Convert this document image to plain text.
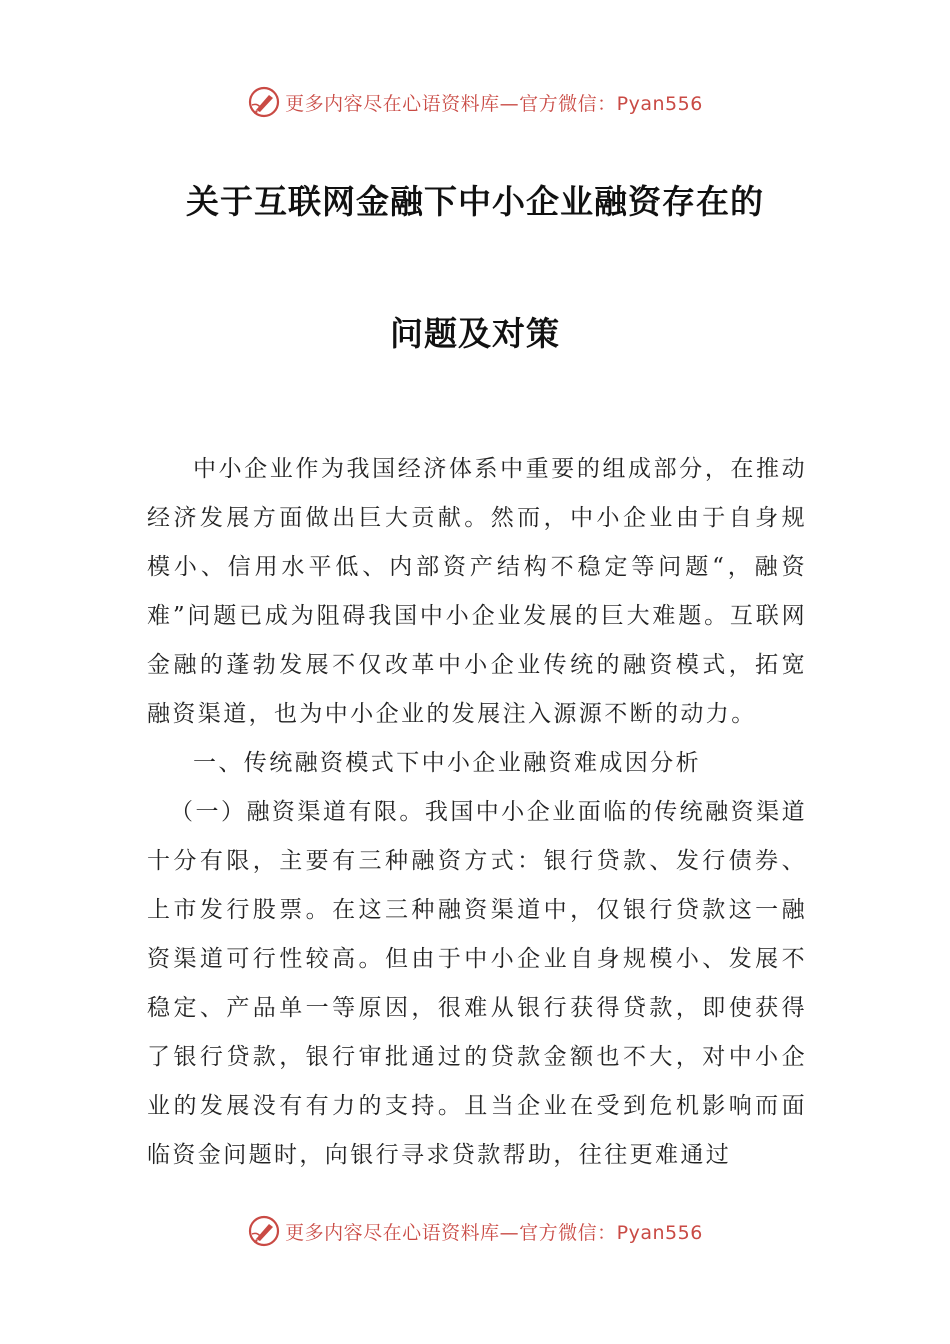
更多内容尽在心语资料库—官方微信：Pyan556
关于互联网金融下中小企业融资存在的
问题及对策

中小企业作为我国经济体系中重要的组成部分，在推动经济发展方面做出巨大贡献。然而，中小企业由于自身规模小、信用水平低、内部资产结构不稳定等问题“，融资难”问题已成为阻碍我国中小企业发展的巨大难题。互联网金融的蓬勃发展不仅改革中小企业传统的融资模式，拓宽融资渠道，也为中小企业的发展注入源源不断的动力。

一、传统融资模式下中小企业融资难成因分析

（一）融资渠道有限。我国中小企业面临的传统融资渠道十分有限，主要有三种融资方式：银行贷款、发行债券、上市发行股票。在这三种融资渠道中，仅银行贷款这一融资渠道可行性较高。但由于中小企业自身规模小、发展不稳定、产品单一等原因，很难从银行获得贷款，即使获得了银行贷款，银行审批通过的贷款金额也不大，对中小企业的发展没有有力的支持。且当企业在受到危机影响而面临资金问题时，向银行寻求贷款帮助，往往更难通过

更多内容尽在心语资料库—官方微信：Pyan556
